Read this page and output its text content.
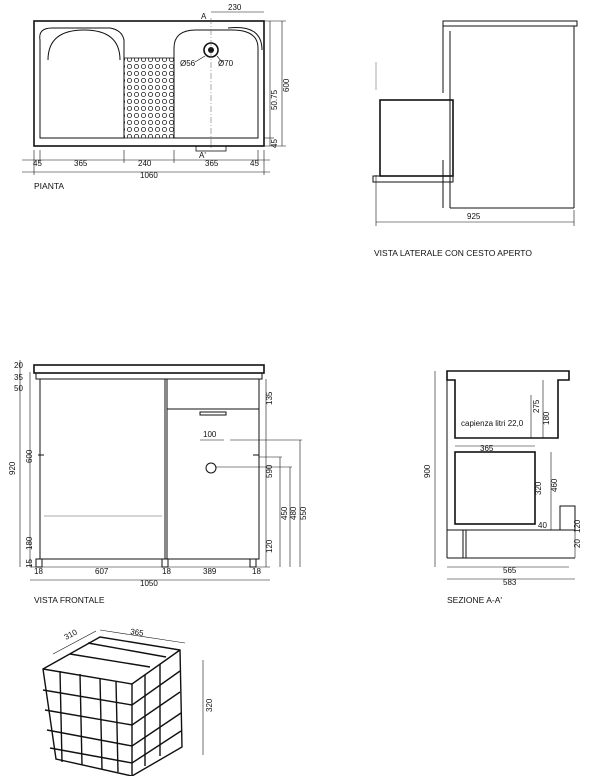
A
A'
230
Ø56	Ø70
50.75
600
45
45	365	240	365	45
1060
PIANTA
925
VISTA LATERALE CON CESTO APERTO
100
20
35
50
600
920
180
15
135
590
120
450 480 550
18	607	18	389	18
1050
VISTA FRONTALE
capienza litri 22,0
275
180
365
320 460
40	120
20
900
565
583
SEZIONE A-A'
310	365
320
